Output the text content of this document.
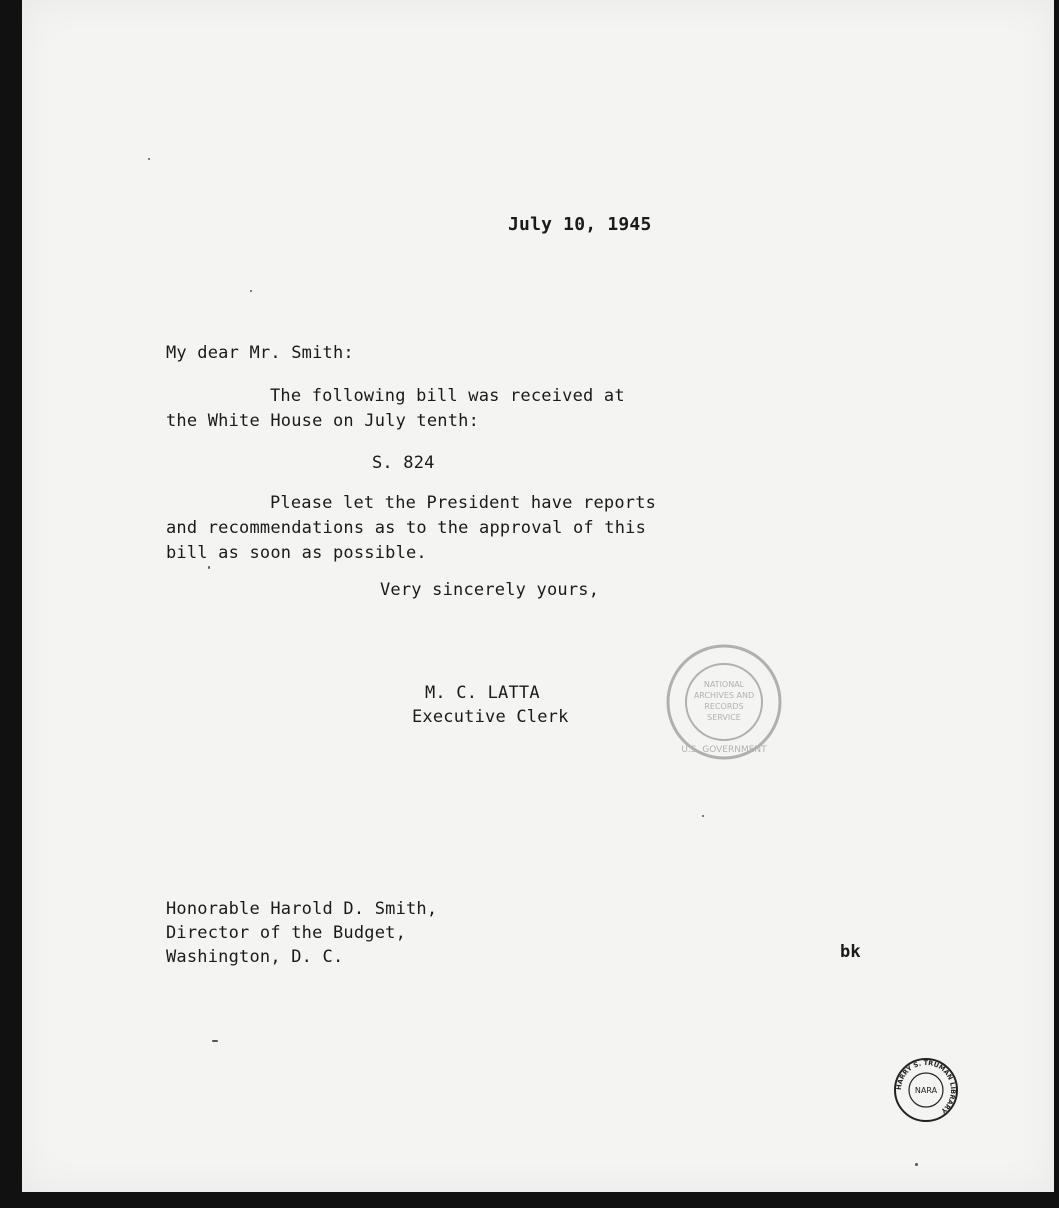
July 10, 1945
My dear Mr. Smith:
The following bill was received at
the White House on July tenth:
S. 824
Please let the President have reports
and recommendations as to the approval of this
bill as soon as possible.
Very sincerely yours,
M. C. LATTA
Executive Clerk
Honorable Harold D. Smith,
Director of the Budget,
Washington, D. C.	bk
NATIONAL
ARCHIVES AND
RECORDS
SERVICE
U.S. GOVERNMENT
HARRY S. TRUMAN LIBRARY
NARA
